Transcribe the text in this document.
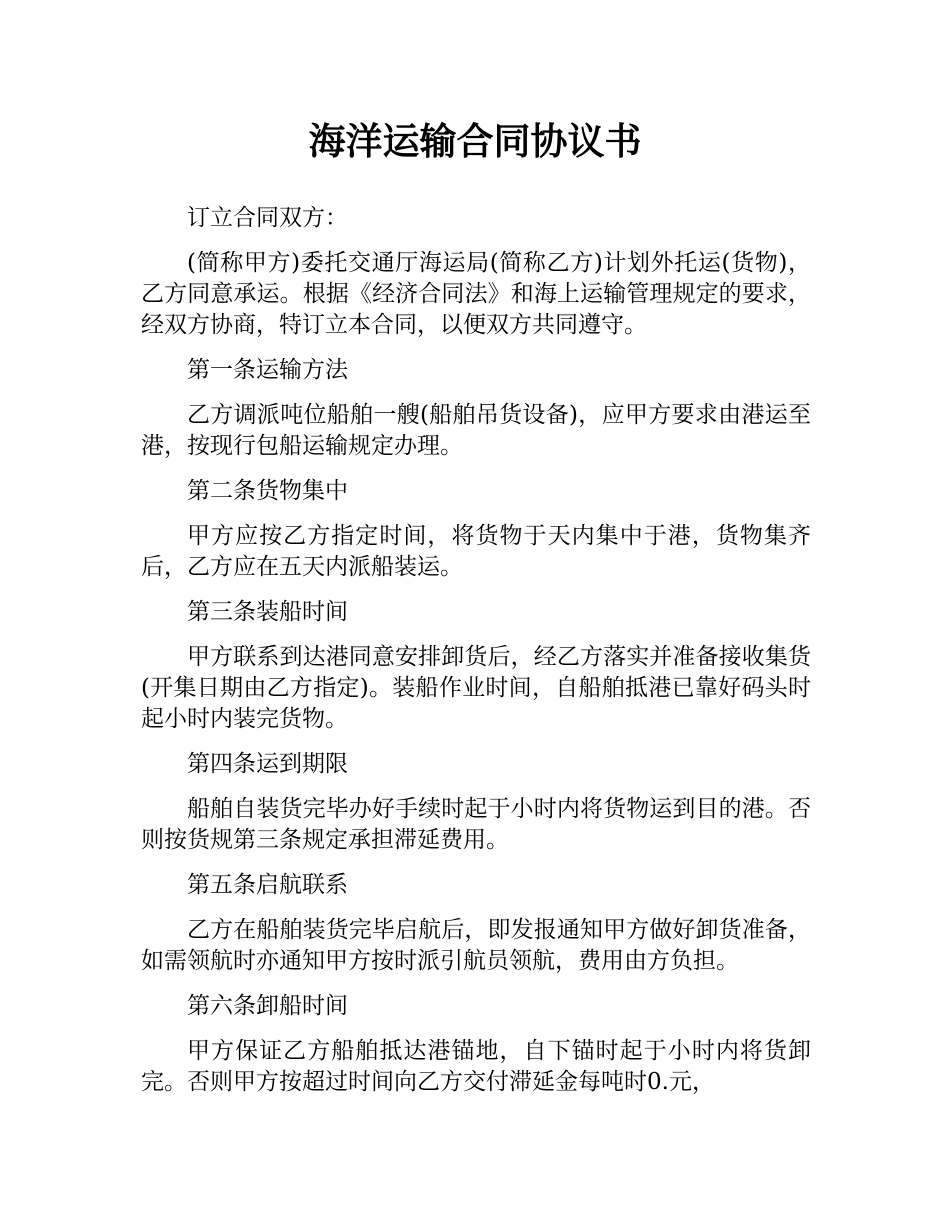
海洋运输合同协议书

订立合同双方：

(简称甲方)委托交通厅海运局(简称乙方)计划外托运(货物)，乙方同意承运。根据《经济合同法》和海上运输管理规定的要求，经双方协商，特订立本合同，以便双方共同遵守。

第一条运输方法

乙方调派吨位船舶一艘(船舶吊货设备)，应甲方要求由港运至港，按现行包船运输规定办理。

第二条货物集中

甲方应按乙方指定时间，将货物于天内集中于港，货物集齐后，乙方应在五天内派船装运。

第三条装船时间

甲方联系到达港同意安排卸货后，经乙方落实并准备接收集货(开集日期由乙方指定)。装船作业时间，自船舶抵港已靠好码头时起小时内装完货物。

第四条运到期限

船舶自装货完毕办好手续时起于小时内将货物运到目的港。否则按货规第三条规定承担滞延费用。

第五条启航联系

乙方在船舶装货完毕启航后，即发报通知甲方做好卸货准备，如需领航时亦通知甲方按时派引航员领航，费用由方负担。

第六条卸船时间

甲方保证乙方船舶抵达港锚地，自下锚时起于小时内将货卸完。否则甲方按超过时间向乙方交付滞延金每吨时0.元，
